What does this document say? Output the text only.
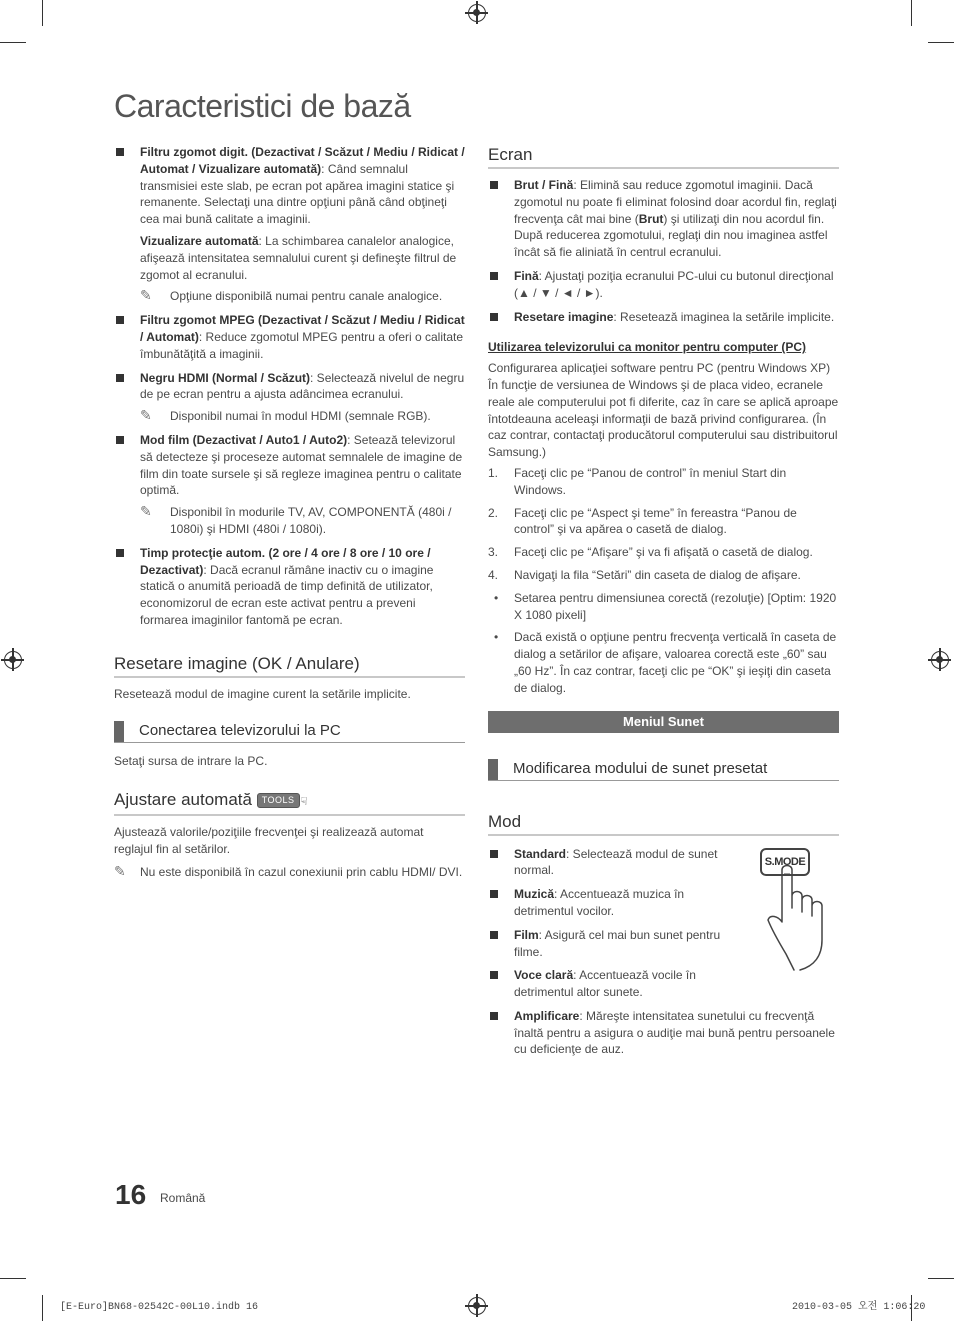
Caracteristici de bază

Filtru zgomot digit. (Dezactivat / Scăzut / Mediu / Ridicat / Automat / Vizualizare automată): Când semnalul transmisiei este slab, pe ecran pot apărea imagini statice şi remanente. Selectaţi una dintre opţiuni până când obţineţi cea mai bună calitate a imaginii.

Vizualizare automată: La schimbarea canalelor analogice, afişează intensitatea semnalului curent şi defineşte filtrul de zgomot al ecranului.

✎ Opţiune disponibilă numai pentru canale analogice.

Filtru zgomot MPEG (Dezactivat / Scăzut / Mediu / Ridicat / Automat): Reduce zgomotul MPEG pentru a oferi o calitate îmbunătăţită a imaginii.

Negru HDMI (Normal / Scăzut): Selectează nivelul de negru de pe ecran pentru a ajusta adâncimea ecranului.

✎ Disponibil numai în modul HDMI (semnale RGB).

Mod film (Dezactivat / Auto1 / Auto2): Setează televizorul să detecteze şi proceseze automat semnalele de imagine de film din toate sursele şi să regleze imaginea pentru o calitate optimă.

✎ Disponibil în modurile TV, AV, COMPONENTĂ (480i / 1080i) şi HDMI (480i / 1080i).

Timp protecţie autom. (2 ore / 4 ore / 8 ore / 10 ore / Dezactivat): Dacă ecranul rămâne inactiv cu o imagine statică o anumită perioadă de timp definită de utilizator, economizorul de ecran este activat pentru a preveni formarea imaginilor fantomă pe ecran.

Resetare imagine (OK / Anulare)
Resetează modul de imagine curent la setările implicite.
Conectarea televizorului la PC
Setaţi sursa de intrare la PC.
Ajustare automată TOOLS ☟
Ajustează valorile/poziţiile frecvenţei şi realizează automat reglajul fin al setărilor.
✎ Nu este disponibilă în cazul conexiunii prin cablu HDMI/ DVI.
Ecran

Brut / Fină: Elimină sau reduce zgomotul imaginii. Dacă zgomotul nu poate fi eliminat folosind doar acordul fin, reglaţi frecvenţa cât mai bine (Brut) şi utilizaţi din nou acordul fin. După reducerea zgomotului, reglaţi din nou imaginea astfel încât să fie aliniată în centrul ecranului.

Fină: Ajustaţi poziţia ecranului PC-ului cu butonul direcţional (▲ / ▼ / ◄ / ►).

Resetare imagine: Resetează imaginea la setările implicite.

Utilizarea televizorului ca monitor pentru computer (PC)
Configurarea aplicaţiei software pentru PC (pentru Windows XP) În funcţie de versiunea de Windows şi de placa video, ecranele reale ale computerului pot fi diferite, caz în care se aplică aproape întotdeauna aceleaşi informaţii de bază privind configurarea. (În caz contrar, contactaţi producătorul computerului sau distribuitorul Samsung.)
1. Faceţi clic pe “Panou de control” în meniul Start din Windows.
2. Faceţi clic pe “Aspect şi teme” în fereastra “Panou de control” şi va apărea o casetă de dialog.
3. Faceţi clic pe “Afişare” şi va fi afişată o casetă de dialog.
4. Navigaţi la fila “Setări” din caseta de dialog de afişare.
• Setarea pentru dimensiunea corectă (rezoluţie) [Optim: 1920 X 1080 pixeli]
• Dacă există o opţiune pentru frecvenţa verticală în caseta de dialog a setărilor de afişare, valoarea corectă este „60” sau „60 Hz”. În caz contrar, faceţi clic pe “OK” şi ieşiţi din caseta de dialog.
Meniul Sunet
Modificarea modului de sunet presetat
Mod

Standard: Selectează modul de sunet normal.

Muzică: Accentuează muzica în detrimentul vocilor.

Film: Asigură cel mai bun sunet pentru filme.

Voce clară: Accentuează vocile în detrimentul altor sunete.

Amplificare: Măreşte intensitatea sunetului cu frecvenţă înaltă pentru a asigura o audiţie mai bună pentru persoanele cu deficienţe de auz.

S.MODE
16 Română
[E-Euro]BN68-02542C-00L10.indb 16	2010-03-05 오전 1:06:20
